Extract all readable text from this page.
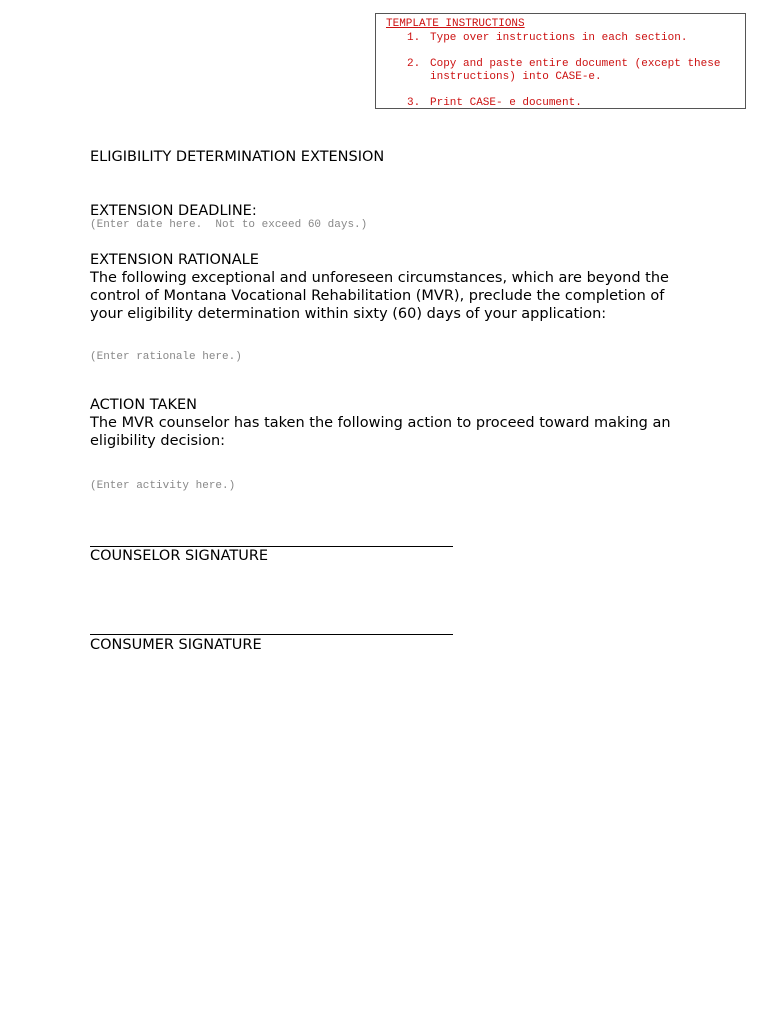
TEMPLATE INSTRUCTIONS
1. Type over instructions in each section.
2. Copy and paste entire document (except these instructions) into CASE-e.
3. Print CASE- e document.
ELIGIBILITY DETERMINATION EXTENSION
EXTENSION DEADLINE:
(Enter date here.  Not to exceed 60 days.)
EXTENSION RATIONALE
The following exceptional and unforeseen circumstances, which are beyond the control of Montana Vocational Rehabilitation (MVR), preclude the completion of your eligibility determination within sixty (60) days of your application:
(Enter rationale here.)
ACTION TAKEN
The MVR counselor has taken the following action to proceed toward making an eligibility decision:
(Enter activity here.)
COUNSELOR SIGNATURE
CONSUMER SIGNATURE
